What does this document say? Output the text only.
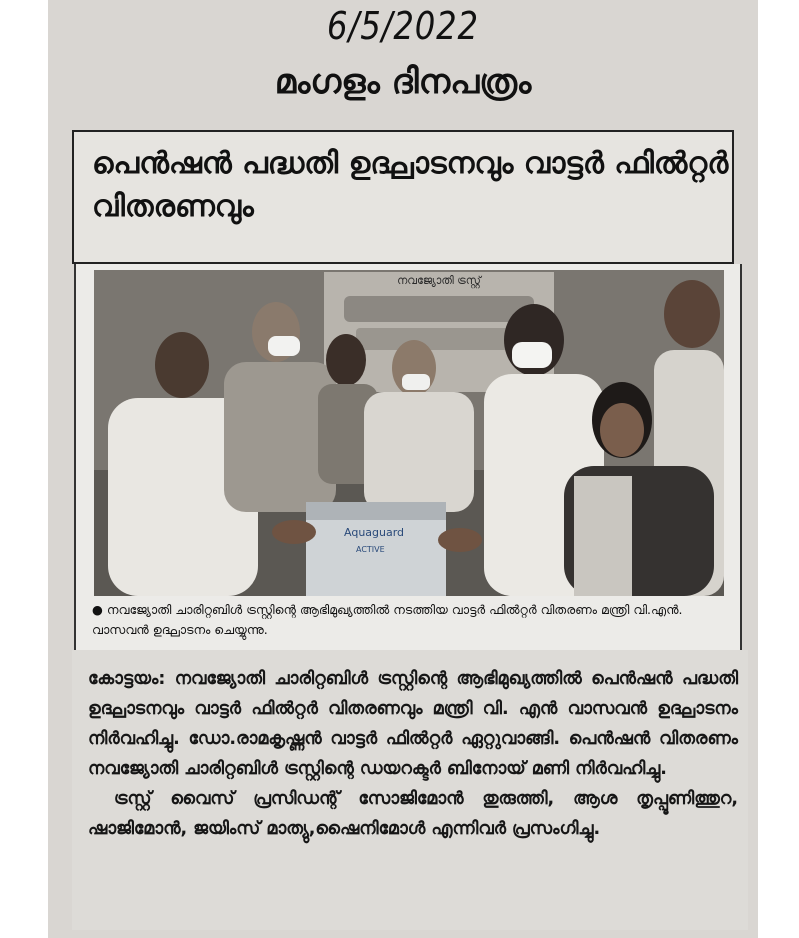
6/5/2022
മംഗളം ദിനപത്രം
പെൻഷൻ പദ്ധതി ഉദ്ഘാടനവും വാട്ടർ ഫിൽറ്റർ വിതരണവും
നവജ്യോതി ട്രസ്റ്റ്
Aquaguard
ACTIVE
● നവജ്യോതി ചാരിറ്റബിൾ ട്രസ്റ്റിന്റെ ആഭിമുഖ്യത്തിൽ നടത്തിയ വാട്ടർ ഫിൽറ്റർ വിതരണം മന്ത്രി വി.എൻ. വാസവൻ ഉദ്ഘാടനം ചെയ്യുന്നു.

കോട്ടയം: നവജ്യോതി ചാരിറ്റബിൾ ട്രസ്റ്റിന്റെ ആഭിമുഖ്യത്തിൽ പെൻഷൻ പദ്ധതി ഉദ്ഘാടനവും വാട്ടർ ഫിൽറ്റർ വിതരണവും മന്ത്രി വി. എൻ വാസവൻ ഉദ്ഘാടനം നിർവഹിച്ചു. ഡോ.രാമകൃഷ്ണൻ വാട്ടർ ഫിൽറ്റർ ഏറ്റുവാങ്ങി. പെൻഷൻ വിതരണം നവജ്യോതി ചാരിറ്റബിൾ ട്രസ്റ്റിന്റെ ഡയറക്ടർ ബിനോയ് മണി നിർവഹിച്ചു.

ട്രസ്റ്റ് വൈസ് പ്രസിഡന്റ് സോജിമോൻ തുരുത്തി, ആശ തൃപ്പൂണിത്തുറ, ഷാജിമോൻ, ജയിംസ് മാത്യു,ഷൈനിമോൾ എന്നിവർ പ്രസംഗിച്ചു.
